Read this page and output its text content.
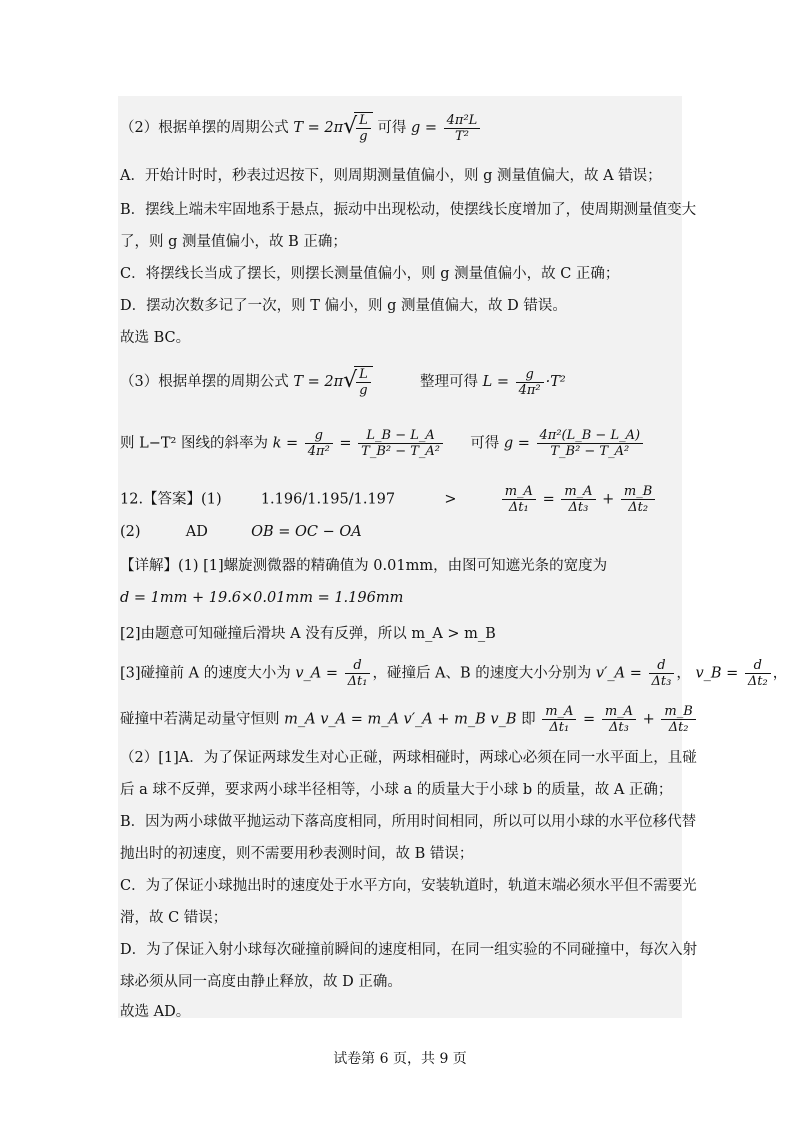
（2）根据单摆的周期公式 T = 2π √ $\frac{L}{g}$ 可得 $g = \frac{\text{4π²L}}{\text{T²}}$
A．开始计时时，秒表过迟按下，则周期测量值偏小，则 g 测量值偏大，故 A 错误；
B．摆线上端未牢固地系于悬点，振动中出现松动，使摆线长度增加了，使周期测量值变大
了，则 g 测量值偏小，故 B 正确；
C．将摆线长当成了摆长，则摆长测量值偏小，则 g 测量值偏小，故 C 正确；
D．摆动次数多记了一次，则 T 偏小，则 g 测量值偏大，故 D 错误。
故选 BC。
（3）根据单摆的周期公式 T = 2π √ $\frac{L}{g}$	整理可得 $L = \frac{g}{\text{4π²}} \cdot T^2$
则 L−T² 图线的斜率为 $k = \frac{g}{\text{4π²}} = \frac{L\_B - L\_A}{\text{T\_B² − T\_A²}}$ 可得 $g = \frac{\text{4π²(L\_B − L\_A)}}{\text{T\_B² − T\_A²}}$
12.【答案】(1)	1.196/1.195/1.197	>	$\frac{m\_A}{\text{Δt₁}} = \frac{m\_A}{\text{Δt₃}} + \frac{m\_B}{\text{Δt₂}}$
(2)	AD	OB = OC − OA
【详解】(1) [1]螺旋测微器的精确值为 0.01mm，由图可知遮光条的宽度为
d = 1mm + 19.6×0.01mm = 1.196mm
[2]由题意可知碰撞后滑块 A 没有反弹，所以 m_A > m_B
[3]碰撞前 A 的速度大小为 v_A = $\frac{d}{\text{Δt₁}}$ ，碰撞后 A、B 的速度大小分别为 v′_A = $\frac{d}{\text{Δt₃}}$ ， v_B = $\frac{d}{\text{Δt₂}}$ ，
碰撞中若满足动量守恒则 m_A v_A = m_A v′_A + m_B v_B 即 $\frac{m\_A}{\text{Δt₁}} = \frac{m\_A}{\text{Δt₃}} + \frac{m\_B}{\text{Δt₂}}$
（2）[1]A．为了保证两球发生对心正碰，两球相碰时，两球心必须在同一水平面上，且碰
后 a 球不反弹，要求两小球半径相等，小球 a 的质量大于小球 b 的质量，故 A 正确；
B．因为两小球做平抛运动下落高度相同，所用时间相同，所以可以用小球的水平位移代替
抛出时的初速度，则不需要用秒表测时间，故 B 错误；
C．为了保证小球抛出时的速度处于水平方向，安装轨道时，轨道末端必须水平但不需要光
滑，故 C 错误；
D．为了保证入射小球每次碰撞前瞬间的速度相同，在同一组实验的不同碰撞中，每次入射
球必须从同一高度由静止释放，故 D 正确。
故选 AD。
试卷第 6 页，共 9 页
